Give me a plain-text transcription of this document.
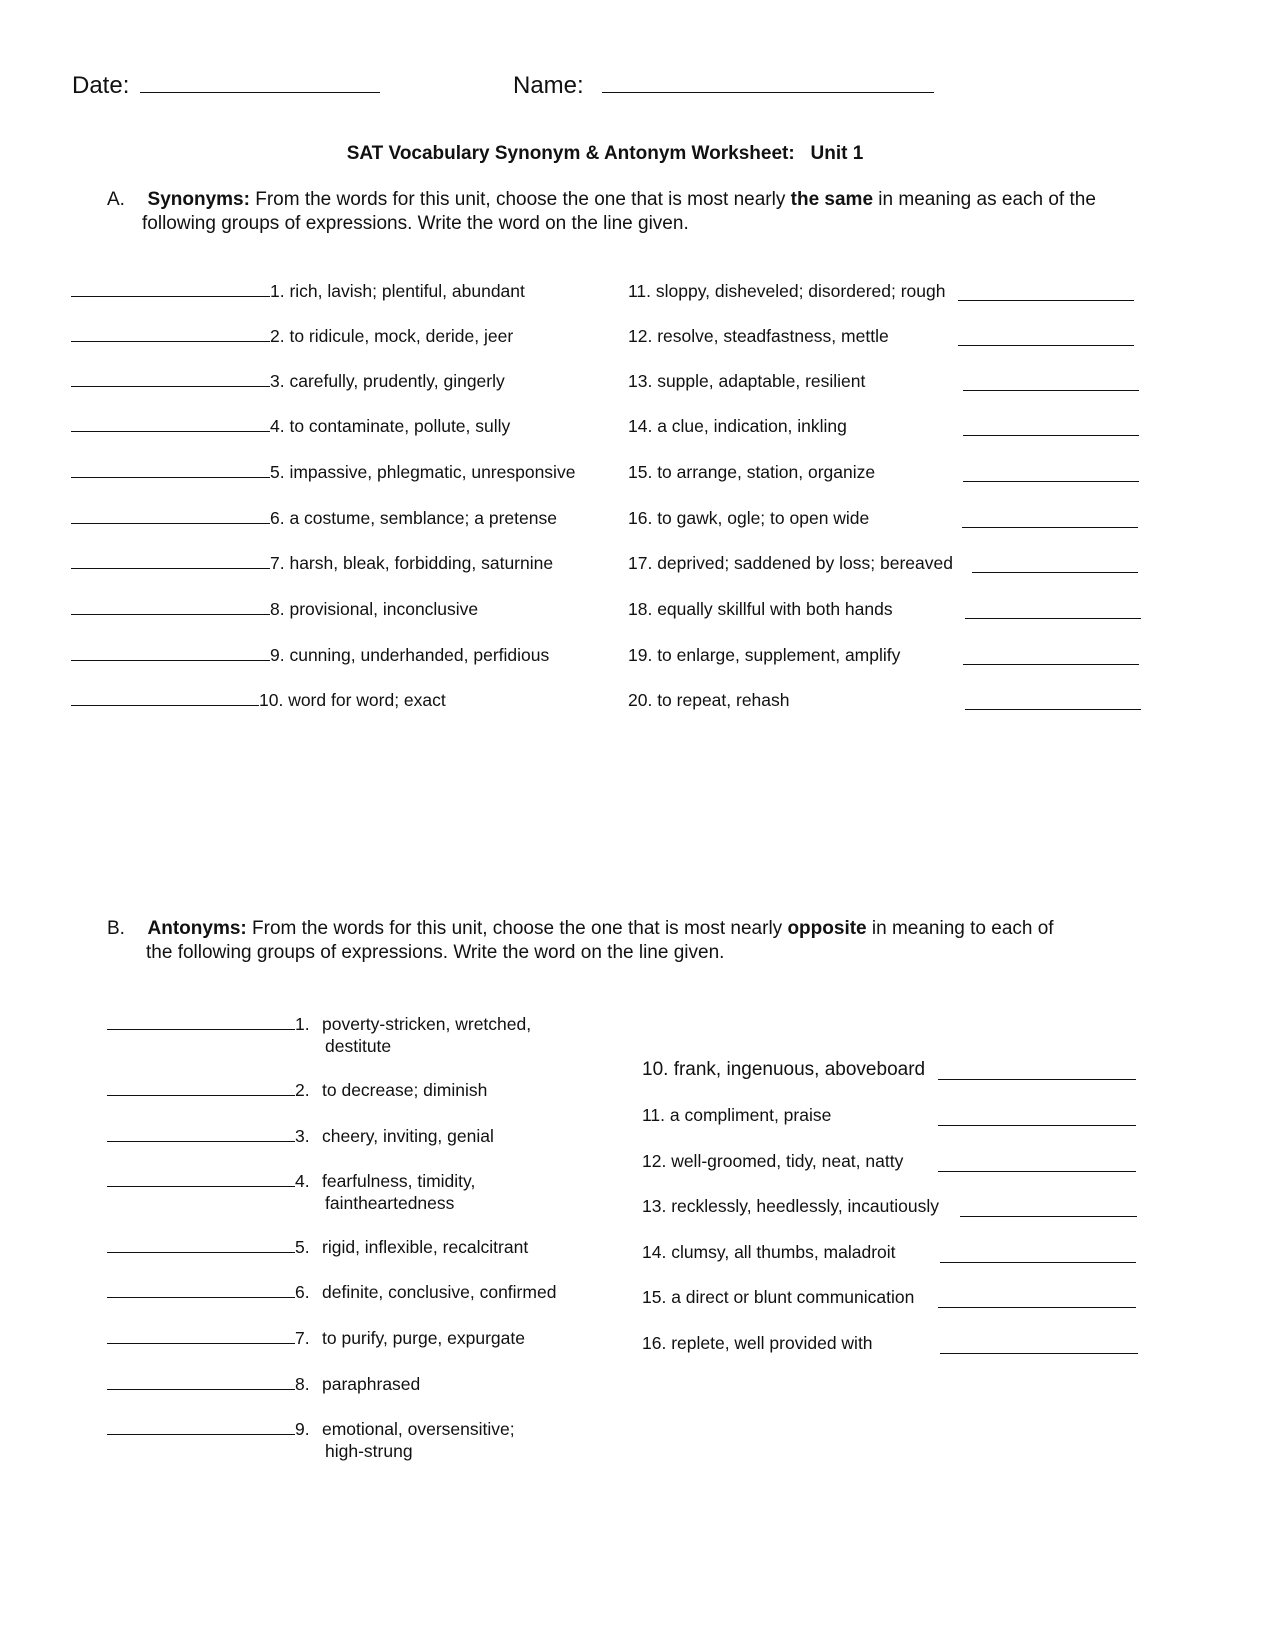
Date:	Name:
SAT Vocabulary Synonym & Antonym Worksheet:   Unit 1
A. Synonyms: From the words for this unit, choose the one that is most nearly the same in meaning as each of the
following groups of expressions. Write the word on the line given.
1. rich, lavish; plentiful, abundant
2. to ridicule, mock, deride, jeer
3. carefully, prudently, gingerly
4. to contaminate, pollute, sully
5. impassive, phlegmatic, unresponsive
6. a costume, semblance; a pretense
7. harsh, bleak, forbidding, saturnine
8. provisional, inconclusive
9. cunning, underhanded, perfidious
10. word for word; exact
11. sloppy, disheveled; disordered; rough
12. resolve, steadfastness, mettle
13. supple, adaptable, resilient
14. a clue, indication, inkling
15. to arrange, station, organize
16. to gawk, ogle; to open wide
17. deprived; saddened by loss; bereaved
18. equally skillful with both hands
19. to enlarge, supplement, amplify
20. to repeat, rehash
B. Antonyms: From the words for this unit, choose the one that is most nearly opposite in meaning to each of
the following groups of expressions. Write the word on the line given.
1. poverty-stricken, wretched,
destitute
2. to decrease; diminish
3. cheery, inviting, genial
4. fearfulness, timidity,
faintheartedness
5. rigid, inflexible, recalcitrant
6. definite, conclusive, confirmed
7. to purify, purge, expurgate
8. paraphrased
9. emotional, oversensitive;
high-strung
10. frank, ingenuous, aboveboard
11. a compliment, praise
12. well-groomed, tidy, neat, natty
13. recklessly, heedlessly, incautiously
14. clumsy, all thumbs, maladroit
15. a direct or blunt communication
16. replete, well provided with
